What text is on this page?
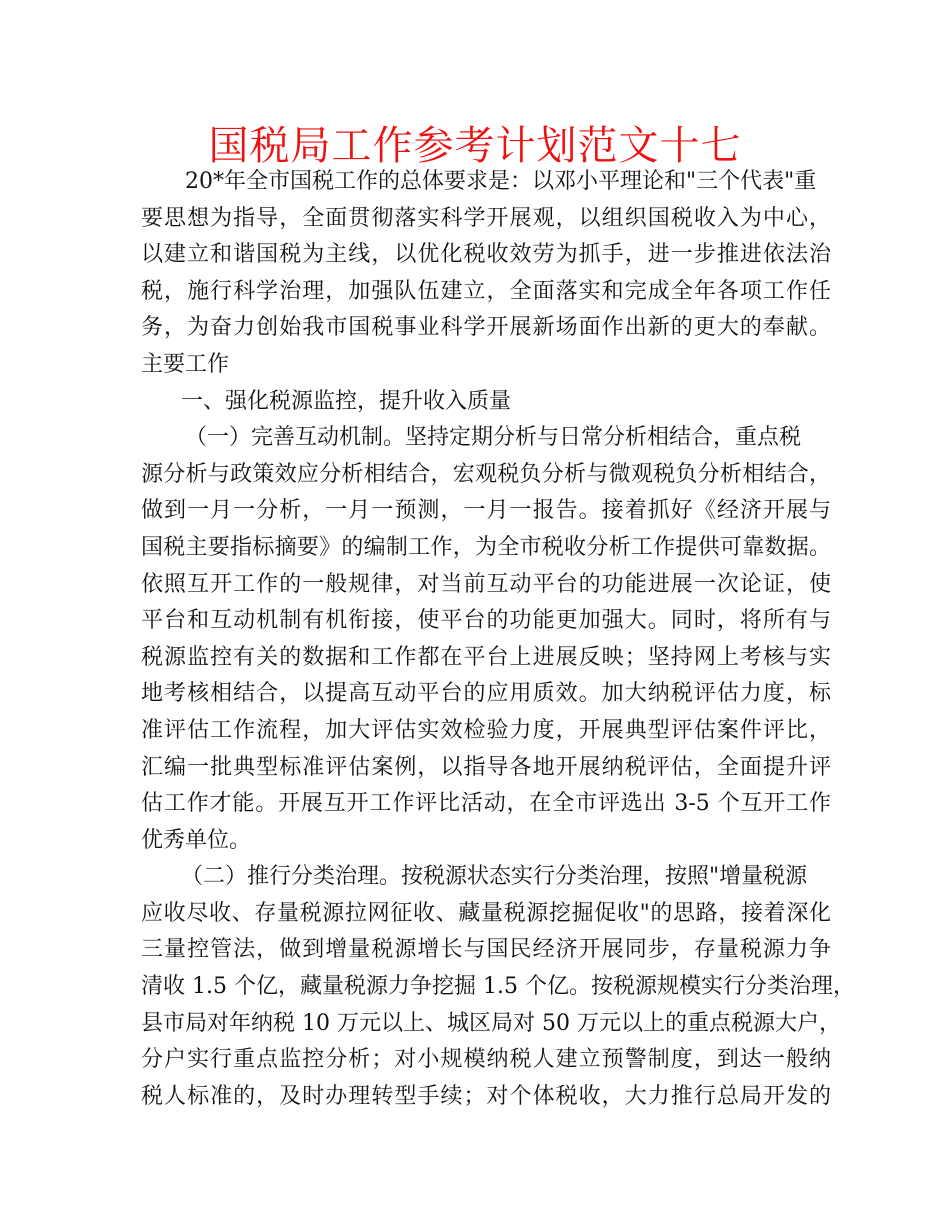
国税局工作参考计划范文十七
20*年全市国税工作的总体要求是：以邓小平理论和"三个代表"重
要思想为指导，全面贯彻落实科学开展观，以组织国税收入为中心，
以建立和谐国税为主线，以优化税收效劳为抓手，进一步推进依法治
税，施行科学治理，加强队伍建立，全面落实和完成全年各项工作任
务，为奋力创始我市国税事业科学开展新场面作出新的更大的奉献。
主要工作
一、强化税源监控，提升收入质量
（一）完善互动机制。坚持定期分析与日常分析相结合，重点税
源分析与政策效应分析相结合，宏观税负分析与微观税负分析相结合，
做到一月一分析，一月一预测，一月一报告。接着抓好《经济开展与
国税主要指标摘要》的编制工作，为全市税收分析工作提供可靠数据。
依照互开工作的一般规律，对当前互动平台的功能进展一次论证，使
平台和互动机制有机衔接，使平台的功能更加强大。同时，将所有与
税源监控有关的数据和工作都在平台上进展反映；坚持网上考核与实
地考核相结合，以提高互动平台的应用质效。加大纳税评估力度，标
准评估工作流程，加大评估实效检验力度，开展典型评估案件评比，
汇编一批典型标准评估案例，以指导各地开展纳税评估，全面提升评
估工作才能。开展互开工作评比活动，在全市评选出 3-5 个互开工作
优秀单位。
（二）推行分类治理。按税源状态实行分类治理，按照"增量税源
应收尽收、存量税源拉网征收、藏量税源挖掘促收"的思路，接着深化
三量控管法，做到增量税源增长与国民经济开展同步，存量税源力争
清收 1.5 个亿，藏量税源力争挖掘 1.5 个亿。按税源规模实行分类治理，
县市局对年纳税 10 万元以上、城区局对 50 万元以上的重点税源大户，
分户实行重点监控分析；对小规模纳税人建立预警制度，到达一般纳
税人标准的，及时办理转型手续；对个体税收，大力推行总局开发的
